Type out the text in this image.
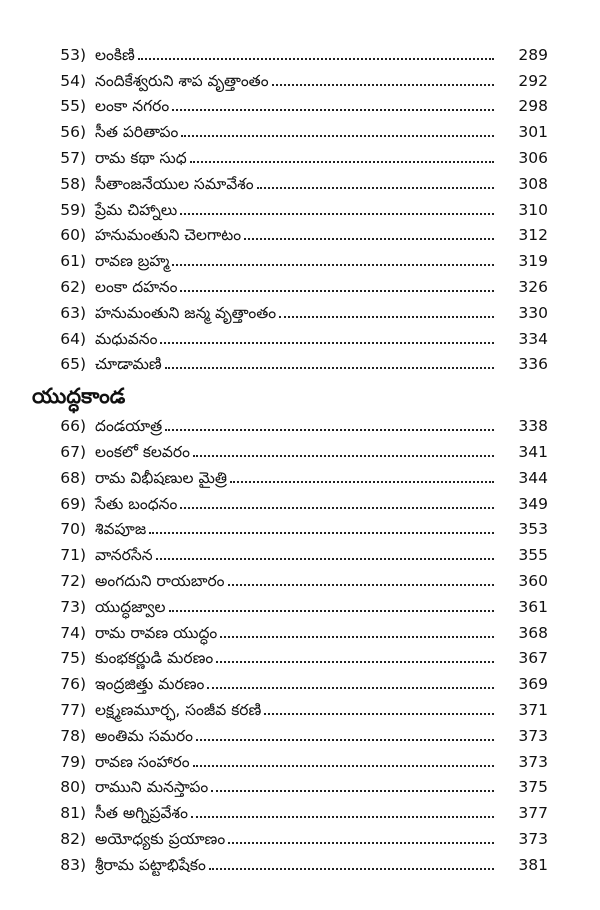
53) లంకిణి	289
54) నందికేశ్వరుని శాప వృత్తాంతం	292
55) లంకా నగరం	298
56) సీత పరితాపం	301
57) రామ కథా సుధ	306
58) సీతాంజనేయుల సమావేశం	308
59) ప్రేమ చిహ్నాలు	310
60) హనుమంతుని చెలగాటం	312
61) రావణ బ్రహ్మ	319
62) లంకా దహనం	326
63) హనుమంతుని జన్మ వృత్తాంతం	330
64) మధువనం	334
65) చూడామణి	336
యుద్ధకాండ
66) దండయాత్ర	338
67) లంకలో కలవరం	341
68) రామ విభీషణుల మైత్రి	344
69) సేతు బంధనం	349
70) శివపూజ	353
71) వానరసేన	355
72) అంగదుని రాయబారం	360
73) యుద్ధజ్వాల	361
74) రామ రావణ యుద్ధం	368
75) కుంభకర్ణుడి మరణం	367
76) ఇంద్రజిత్తు మరణం	369
77) లక్ష్మణమూర్ఛ, సంజీవ కరణి	371
78) అంతిమ సమరం	373
79) రావణ సంహారం	373
80) రాముని మనస్తాపం	375
81) సీత అగ్నిప్రవేశం	377
82) అయోధ్యకు ప్రయాణం	373
83) శ్రీరామ పట్టాభిషేకం	381
